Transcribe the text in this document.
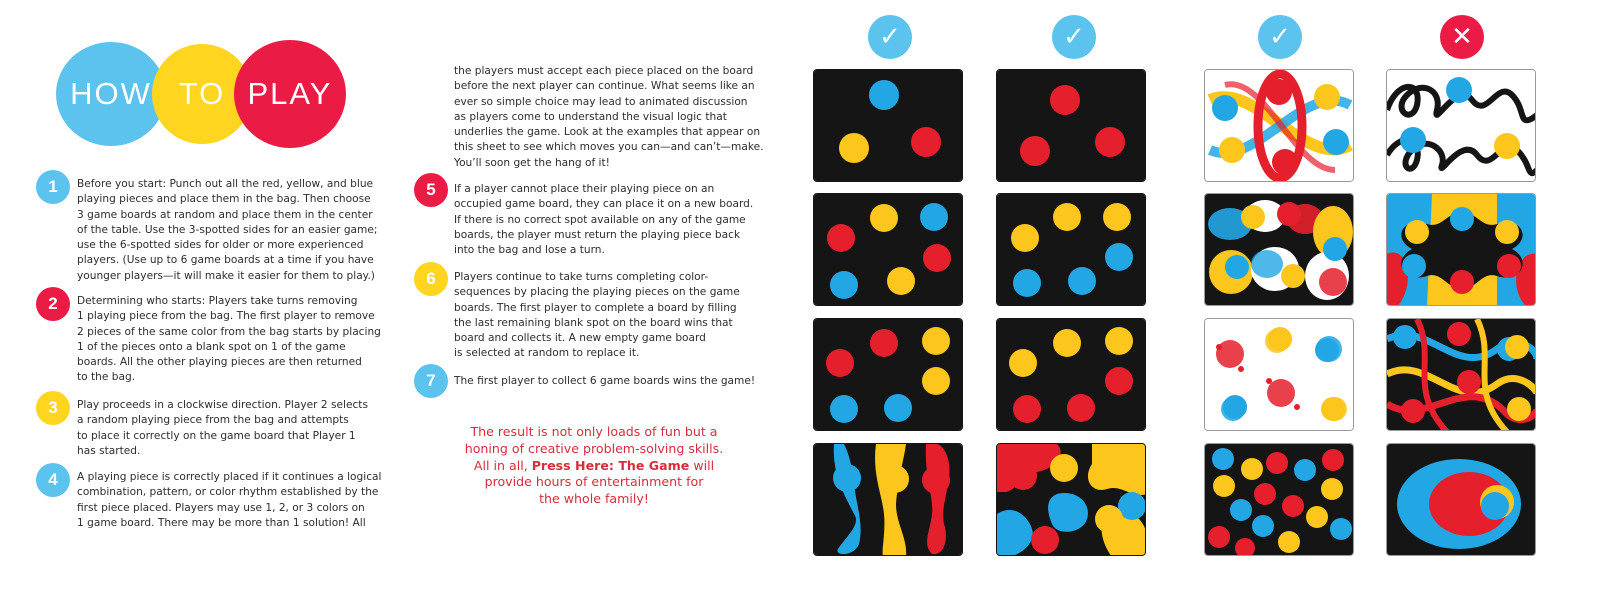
HOW TO PLAY
1	Before you start: Punch out all the red, yellow, and blue
playing pieces and place them in the bag. Then choose
3 game boards at random and place them in the center
of the table. Use the 3-spotted sides for an easier game;
use the 6-spotted sides for older or more experienced
players. (Use up to 6 game boards at a time if you have
younger players—it will make it easier for them to play.)
2	Determining who starts: Players take turns removing
1 playing piece from the bag. The first player to remove
2 pieces of the same color from the bag starts by placing
1 of the pieces onto a blank spot on 1 of the game
boards. All the other playing pieces are then returned
to the bag.
3	Play proceeds in a clockwise direction. Player 2 selects
a random playing piece from the bag and attempts
to place it correctly on the game board that Player 1
has started.
4	A playing piece is correctly placed if it continues a logical
combination, pattern, or color rhythm established by the
first piece placed. Players may use 1, 2, or 3 colors on
1 game board. There may be more than 1 solution! All
the players must accept each piece placed on the board
before the next player can continue. What seems like an
ever so simple choice may lead to animated discussion
as players come to understand the visual logic that
underlies the game. Look at the examples that appear on
this sheet to see which moves you can—and can’t—make.
You’ll soon get the hang of it!
5	If a player cannot place their playing piece on an
occupied game board, they can place it on a new board.
If there is no correct spot available on any of the game
boards, the player must return the playing piece back
into the bag and lose a turn.
6	Players continue to take turns completing color-
sequences by placing the playing pieces on the game
boards. The first player to complete a board by filling
the last remaining blank spot on the board wins that
board and collects it. A new empty game board
is selected at random to replace it.
7	The first player to collect 6 game boards wins the game!
The result is not only loads of fun but a
honing of creative problem-solving skills.
All in all, Press Here: The Game will
provide hours of entertainment for
the whole family!
✓	✓	✓	✕
